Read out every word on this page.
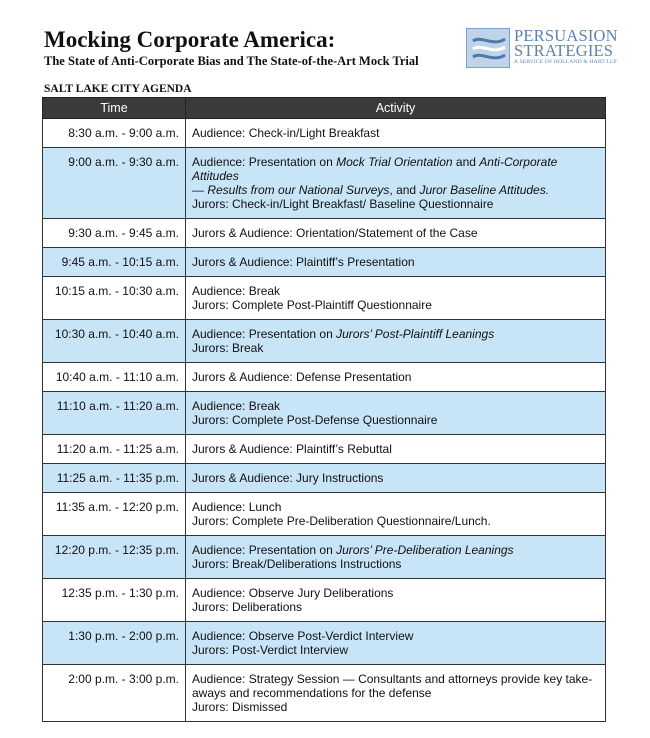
Mocking Corporate America:
The State of Anti-Corporate Bias and The State-of-the-Art Mock Trial
PERSUASION
STRATEGIES
A SERVICE OF HOLLAND & HART LLP
SALT LAKE CITY AGENDA
Time	Activity
8:30 a.m. - 9:00 a.m.	Audience: Check-in/Light Breakfast

9:00 a.m. - 9:30 a.m.	Audience: Presentation on Mock Trial Orientation and Anti-Corporate Attitudes
— Results from our National Surveys, and Juror Baseline Attitudes.
Jurors: Check-in/Light Breakfast/ Baseline Questionnaire

9:30 a.m. - 9:45 a.m.	Jurors & Audience: Orientation/Statement of the Case

9:45 a.m. - 10:15 a.m.	Jurors & Audience: Plaintiff’s Presentation

10:15 a.m. - 10:30 a.m.	Audience: Break
Jurors: Complete Post-Plaintiff Questionnaire

10:30 a.m. - 10:40 a.m.	Audience: Presentation on Jurors’ Post-Plaintiff Leanings
Jurors: Break

10:40 a.m. - 11:10 a.m.	Jurors & Audience: Defense Presentation

11:10 a.m. - 11:20 a.m.	Audience: Break
Jurors: Complete Post-Defense Questionnaire

11:20 a.m. - 11:25 a.m.	Jurors & Audience: Plaintiff’s Rebuttal

11:25 a.m. - 11:35 p.m.	Jurors & Audience: Jury Instructions

11:35 a.m. - 12:20 p.m.	Audience: Lunch
Jurors: Complete Pre-Deliberation Questionnaire/Lunch.

12:20 p.m. - 12:35 p.m.	Audience: Presentation on Jurors’ Pre-Deliberation Leanings
Jurors: Break/Deliberations Instructions

12:35 p.m. - 1:30 p.m.	Audience: Observe Jury Deliberations
Jurors: Deliberations

1:30 p.m. - 2:00 p.m.	Audience: Observe Post-Verdict Interview
Jurors: Post-Verdict Interview

2:00 p.m. - 3:00 p.m.	Audience: Strategy Session — Consultants and attorneys provide key take-
aways and recommendations for the defense
Jurors: Dismissed
